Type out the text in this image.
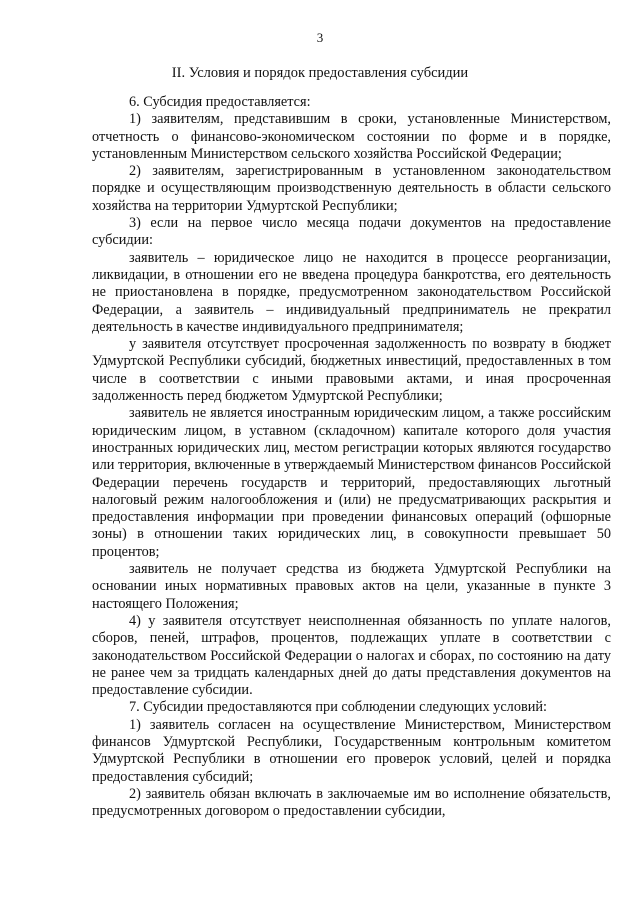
3
II. Условия и порядок предоставления субсидии

6. Субсидия предоставляется:

1) заявителям, представившим в сроки, установленные Министерством, отчетность о финансово-экономическом состоянии по форме и в порядке, установленным Министерством сельского хозяйства Российской Федерации;

2) заявителям, зарегистрированным в установленном законодательством порядке и осуществляющим производственную деятельность в области сельского хозяйства на территории Удмуртской Республики;

3) если на первое число месяца подачи документов на предоставление субсидии:

заявитель – юридическое лицо не находится в процессе реорганизации, ликвидации, в отношении его не введена процедура банкротства, его деятельность не приостановлена в порядке, предусмотренном законодательством Российской Федерации, а заявитель – индивидуальный предприниматель не прекратил деятельность в качестве индивидуального предпринимателя;

у заявителя отсутствует просроченная задолженность по возврату в бюджет Удмуртской Республики субсидий, бюджетных инвестиций, предоставленных в том числе в соответствии с иными правовыми актами, и иная просроченная задолженность перед бюджетом Удмуртской Республики;

заявитель не является иностранным юридическим лицом, а также российским юридическим лицом, в уставном (складочном) капитале которого доля участия иностранных юридических лиц, местом регистрации которых являются государство или территория, включенные в утверждаемый Министерством финансов Российской Федерации перечень государств и территорий, предоставляющих льготный налоговый режим налогообложения и (или) не предусматривающих раскрытия и предоставления информации при проведении финансовых операций (офшорные зоны) в отношении таких юридических лиц, в совокупности превышает 50 процентов;

заявитель не получает средства из бюджета Удмуртской Республики на основании иных нормативных правовых актов на цели, указанные в пункте 3 настоящего Положения;

4) у заявителя отсутствует неисполненная обязанность по уплате налогов, сборов, пеней, штрафов, процентов, подлежащих уплате в соответствии с законодательством Российской Федерации о налогах и сборах, по состоянию на дату не ранее чем за тридцать календарных дней до даты представления документов на предоставление субсидии.

7. Субсидии предоставляются при соблюдении следующих условий:

1) заявитель согласен на осуществление Министерством, Министерством финансов Удмуртской Республики, Государственным контрольным комитетом Удмуртской Республики в отношении его проверок условий, целей и порядка предоставления субсидий;

2) заявитель обязан включать в заключаемые им во исполнение обязательств, предусмотренных договором о предоставлении субсидии,
